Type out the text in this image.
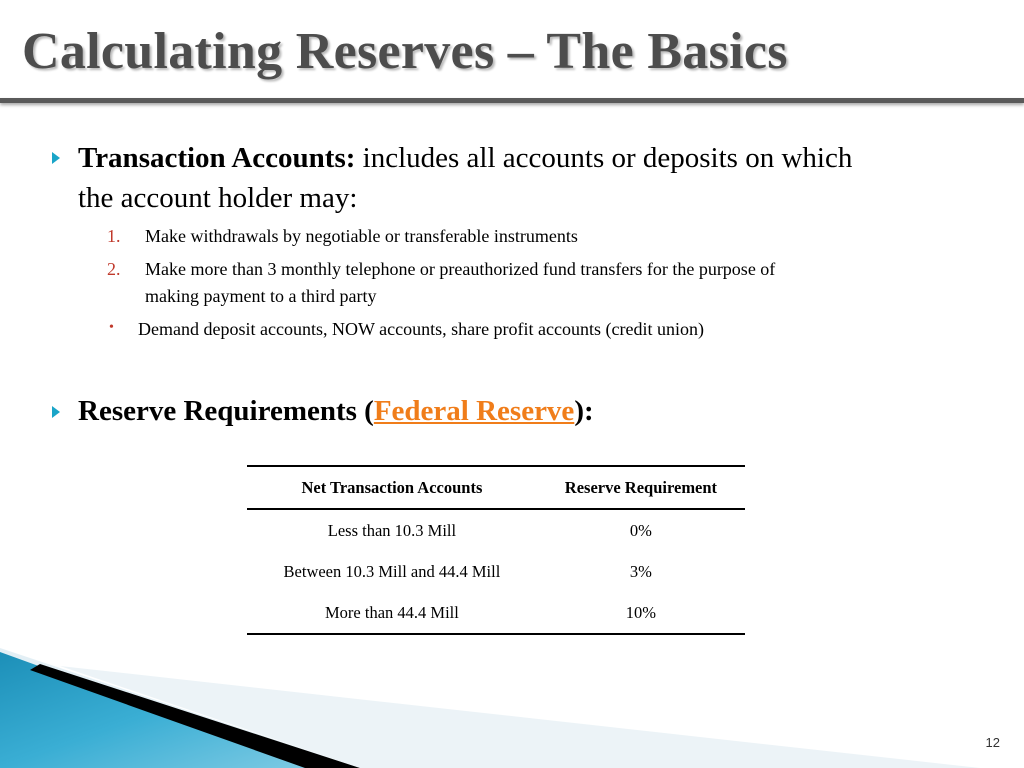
Calculating Reserves – The Basics
Transaction Accounts: includes all accounts or deposits on which
the account holder may:
1. Make withdrawals by negotiable or transferable instruments
2. Make more than 3 monthly telephone or preauthorized fund transfers for the purpose of
making payment to a third party
• Demand deposit accounts, NOW accounts, share profit accounts (credit union)
Reserve Requirements (Federal Reserve):
Net Transaction Accounts	Reserve Requirement
Less than 10.3 Mill	0%
Between 10.3 Mill and 44.4 Mill	3%
More than 44.4 Mill	10%
12
